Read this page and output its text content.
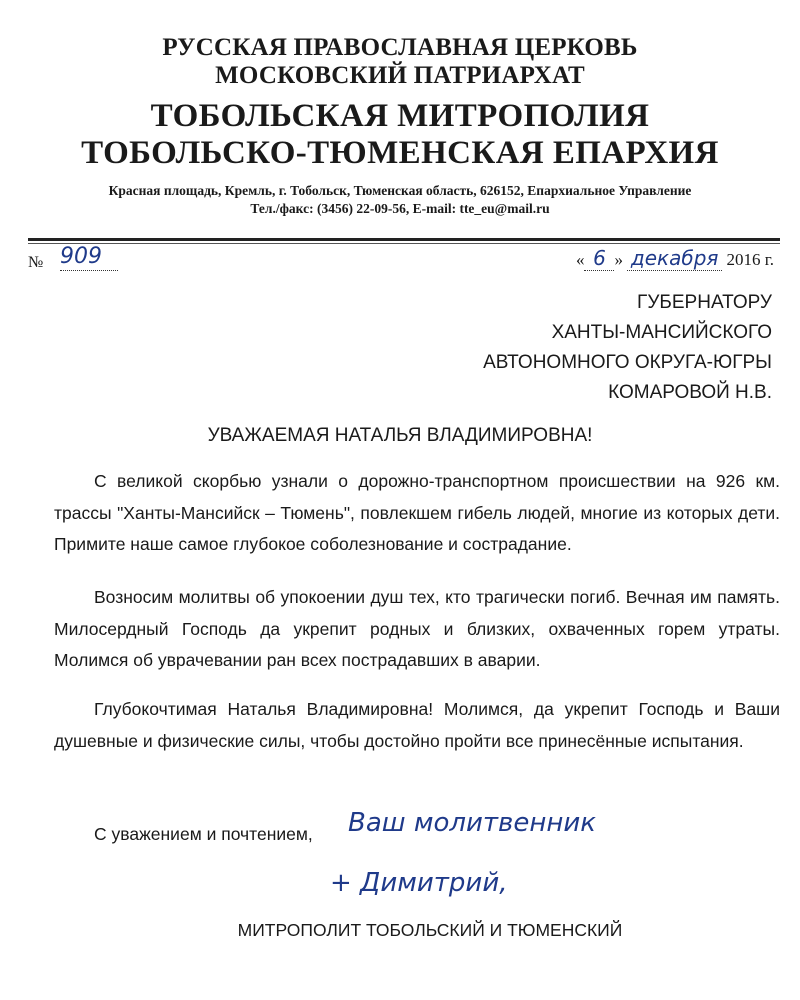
РУССКАЯ ПРАВОСЛАВНАЯ ЦЕРКОВЬ
МОСКОВСКИЙ ПАТРИАРХАТ
ТОБОЛЬСКАЯ МИТРОПОЛИЯ
ТОБОЛЬСКО-ТЮМЕНСКАЯ ЕПАРХИЯ
Красная площадь, Кремль, г. Тобольск, Тюменская область, 626152, Епархиальное Управление
Тел./факс: (3456) 22-09-56, E-mail: tte_eu@mail.ru
№ 909	« 6 » декабря 2016 г.
ГУБЕРНАТОРУ
ХАНТЫ-МАНСИЙСКОГО
АВТОНОМНОГО ОКРУГА-ЮГРЫ
КОМАРОВОЙ Н.В.
УВАЖАЕМАЯ НАТАЛЬЯ ВЛАДИМИРОВНА!

С великой скорбью узнали о дорожно-транспортном происшествии на 926 км. трассы "Ханты-Мансийск – Тюмень", повлекшем гибель людей, многие из которых дети. Примите наше самое глубокое соболезнование и сострадание.

Возносим молитвы об упокоении душ тех, кто трагически погиб. Вечная им память. Милосердный Господь да укрепит родных и близких, охваченных горем утраты. Молимся об уврачевании ран всех пострадавших в аварии.

Глубокочтимая Наталья Владимировна! Молимся, да укрепит Господь и Ваши душевные и физические силы, чтобы достойно пройти все принесённые испытания.

С уважением и почтением, Ваш молитвенник
+ Димитрий,
МИТРОПОЛИТ ТОБОЛЬСКИЙ И ТЮМЕНСКИЙ
